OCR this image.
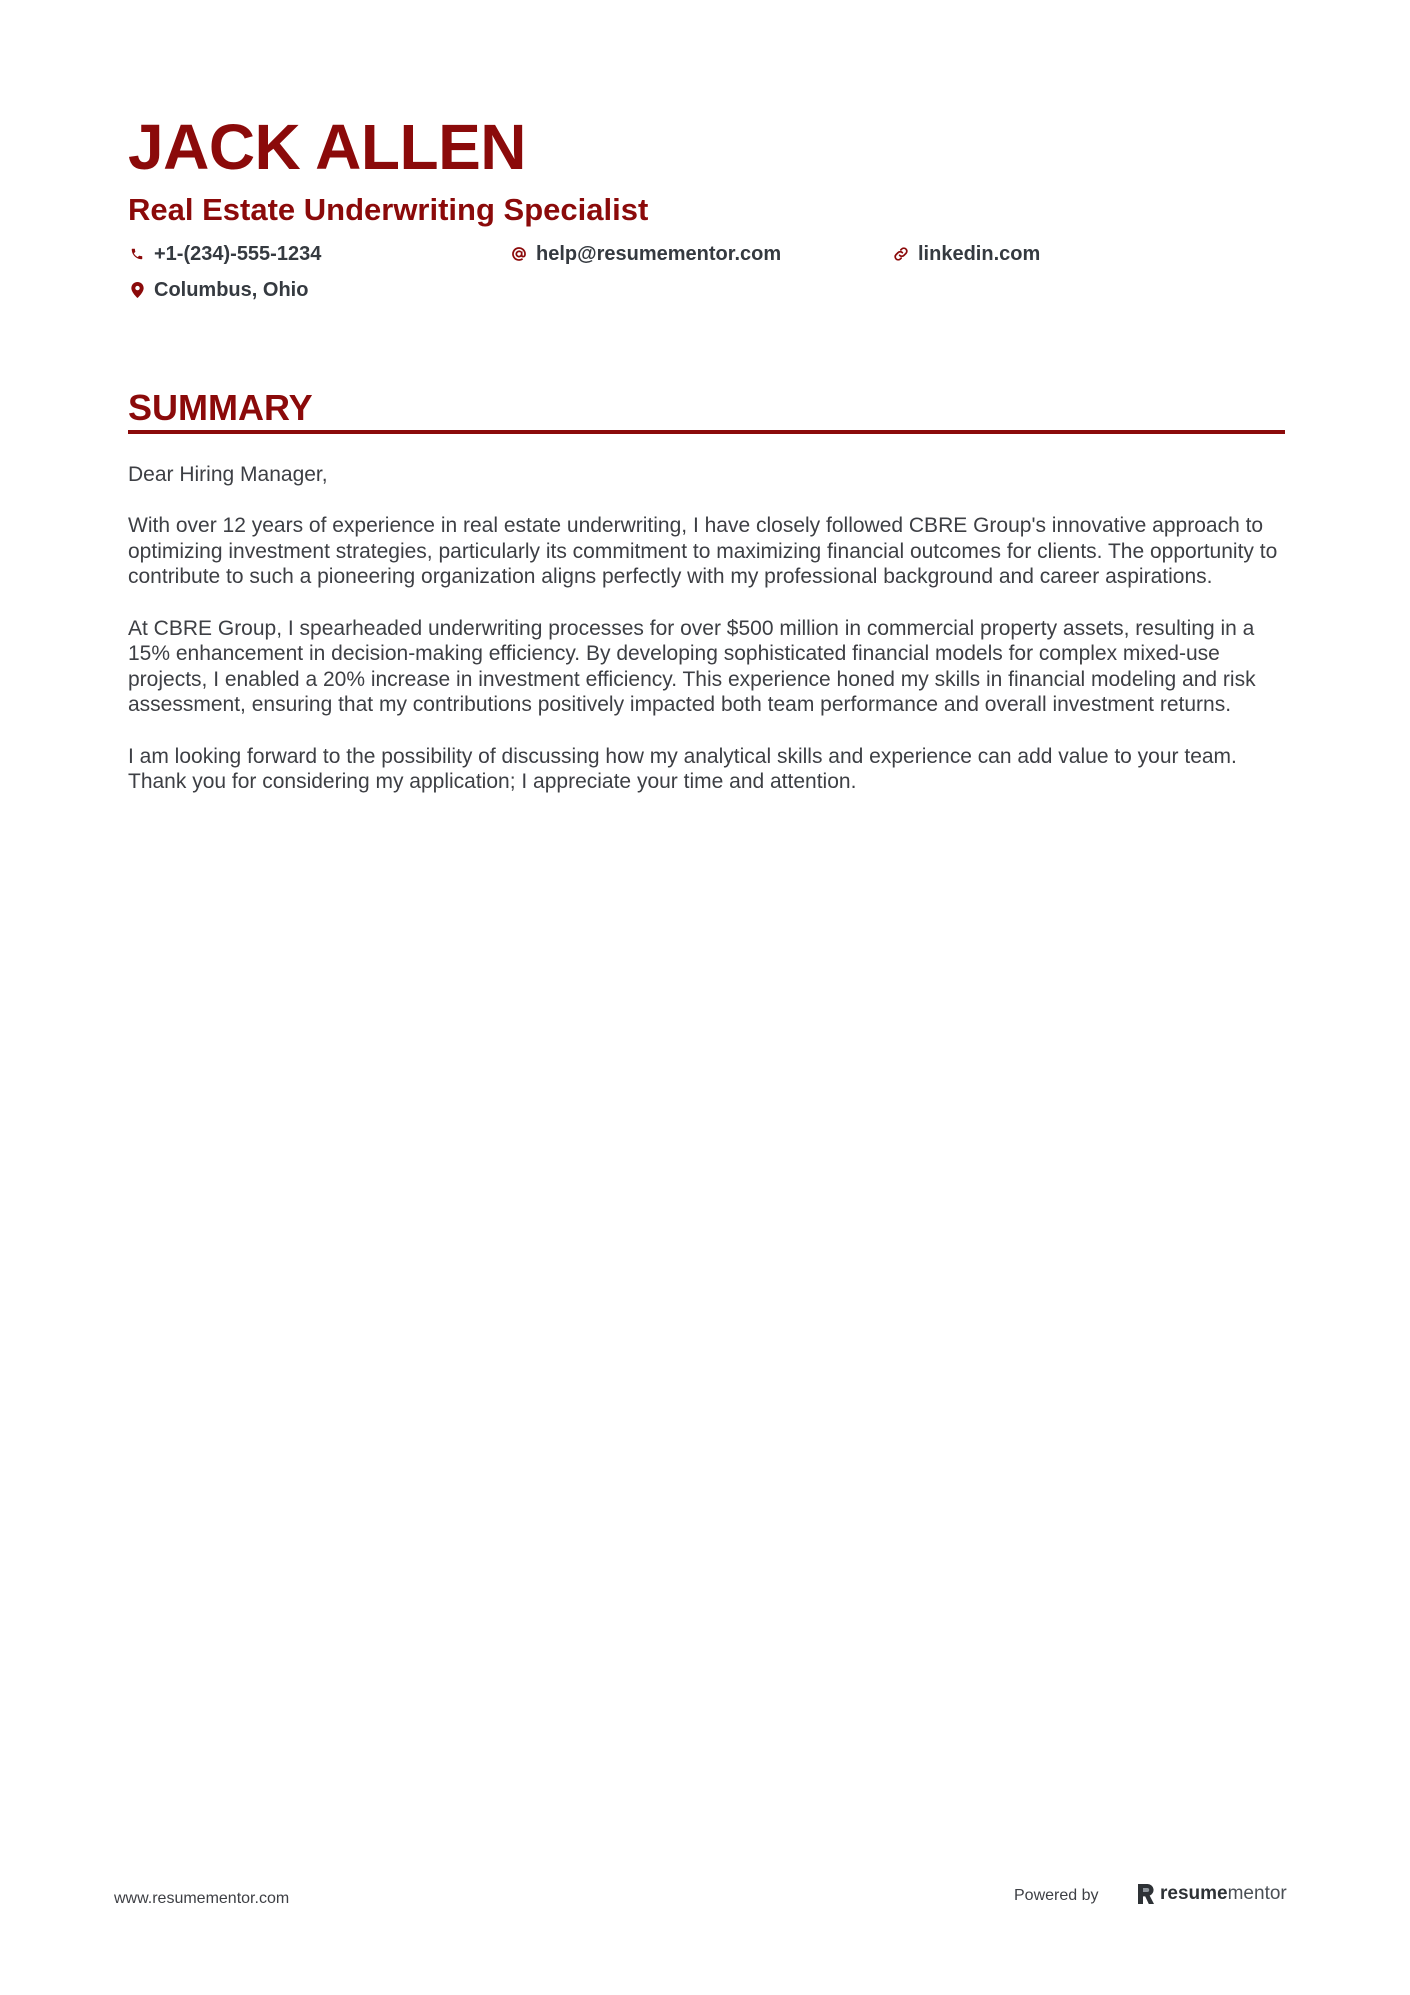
JACK ALLEN
Real Estate Underwriting Specialist
+1-(234)-555-1234	help@resumementor.com	linkedin.com
Columbus, Ohio
SUMMARY

Dear Hiring Manager,

With over 12 years of experience in real estate underwriting, I have closely followed CBRE Group's innovative approach to optimizing investment strategies, particularly its commitment to maximizing financial outcomes for clients. The opportunity to contribute to such a pioneering organization aligns perfectly with my professional background and career aspirations.

At CBRE Group, I spearheaded underwriting processes for over $500 million in commercial property assets, resulting in a 15% enhancement in decision-making efficiency. By developing sophisticated financial models for complex mixed-use projects, I enabled a 20% increase in investment efficiency. This experience honed my skills in financial modeling and risk assessment, ensuring that my contributions positively impacted both team performance and overall investment returns.

I am looking forward to the possibility of discussing how my analytical skills and experience can add value to your team. Thank you for considering my application; I appreciate your time and attention.

www.resumementor.com	Powered by	resumementor
